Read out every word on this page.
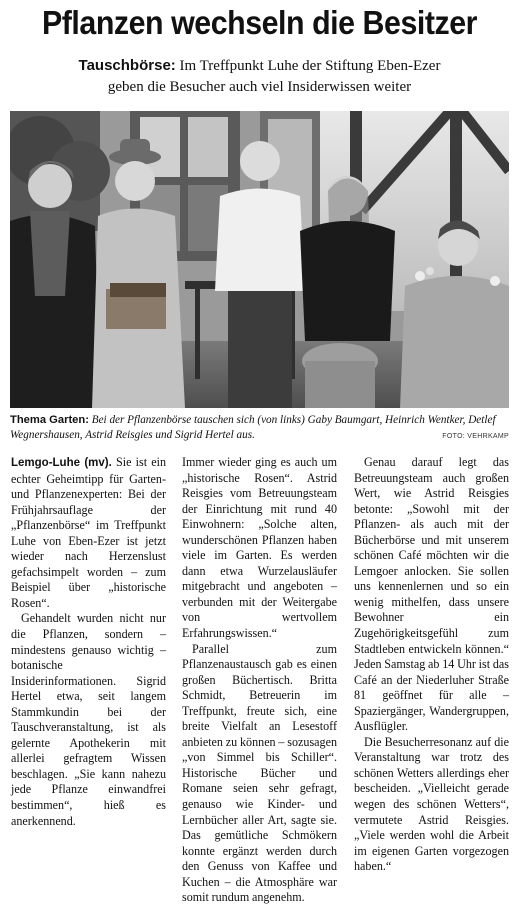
Pflanzen wechseln die Besitzer
Tauschbörse: Im Treffpunkt Luhe der Stiftung Eben-Ezer
geben die Besucher auch viel Insiderwissen weiter
Thema Garten: Bei der Pflanzenbörse tauschen sich (von links) Gaby Baumgart, Heinrich Wentker, Detlef Wegnershausen, Astrid Reisgies und Sigrid Hertel aus.	FOTO: VEHRKAMP

Lemgo-Luhe (mv). Sie ist ein echter Geheimtipp für Garten- und Pflanzenexperten: Bei der Frühjahrsauflage der „Pflanzenbörse“ im Treffpunkt Luhe von Eben-Ezer ist jetzt wieder nach Herzenslust gefachsimpelt worden – zum Beispiel über „historische Rosen“.

Gehandelt wurden nicht nur die Pflanzen, sondern – mindestens genauso wichtig – botanische Insiderinformationen. Sigrid Hertel etwa, seit langem Stammkundin bei der Tauschveranstaltung, ist als gelernte Apothekerin mit allerlei gefragtem Wissen beschlagen. „Sie kann nahezu jede Pflanze einwandfrei bestimmen“, hieß es anerkennend.

Immer wieder ging es auch um „historische Rosen“. Astrid Reisgies vom Betreuungsteam der Einrichtung mit rund 40 Einwohnern: „Solche alten, wunderschönen Pflanzen haben viele im Garten. Es werden dann etwa Wurzelausläufer mitgebracht und angeboten – verbunden mit der Weitergabe von wertvollem Erfahrungswissen.“

Parallel zum Pflanzenaustausch gab es einen großen Büchertisch. Britta Schmidt, Betreuerin im Treffpunkt, freute sich, eine breite Vielfalt an Lesestoff anbieten zu können – sozusagen „von Simmel bis Schiller“. Historische Bücher und Romane seien sehr gefragt, genauso wie Kinder- und Lernbücher aller Art, sagte sie. Das gemütliche Schmökern konnte ergänzt werden durch den Genuss von Kaffee und Kuchen – die Atmosphäre war somit rundum angenehm.

Genau darauf legt das Betreuungsteam auch großen Wert, wie Astrid Reisgies betonte: „Sowohl mit der Pflanzen- als auch mit der Bücherbörse und mit unserem schönen Café möchten wir die Lemgoer anlocken. Sie sollen uns kennenlernen und so ein wenig mithelfen, dass unsere Bewohner ein Zugehörigkeitsgefühl zum Stadtleben entwickeln können.“ Jeden Samstag ab 14 Uhr ist das Café an der Niederluher Straße 81 geöffnet für alle – Spaziergänger, Wandergruppen, Ausflügler.

Die Besucherresonanz auf die Veranstaltung war trotz des schönen Wetters allerdings eher bescheiden. „Vielleicht gerade wegen des schönen Wetters“, vermutete Astrid Reisgies. „Viele werden wohl die Arbeit im eigenen Garten vorgezogen haben.“
